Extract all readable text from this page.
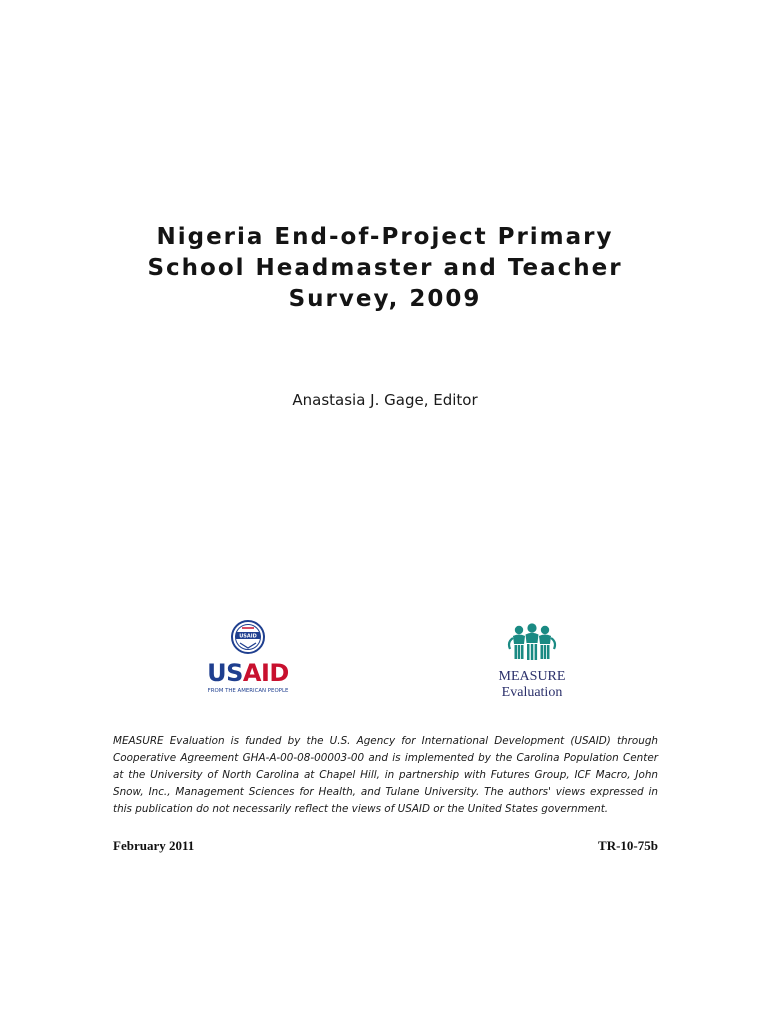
Nigeria End-of-Project Primary
School Headmaster and Teacher
Survey, 2009
Anastasia J. Gage, Editor
USAID
USAID
FROM THE AMERICAN PEOPLE
MEASURE
Evaluation

MEASURE Evaluation is funded by the U.S. Agency for International Development (USAID) through Cooperative Agreement GHA-A-00-08-00003-00 and is implemented by the Carolina Population Center at the University of North Carolina at Chapel Hill, in partnership with Futures Group, ICF Macro, John Snow, Inc., Management Sciences for Health, and Tulane University. The authors' views expressed in this publication do not necessarily reflect the views of USAID or the United States government.

February 2011	TR-10-75b
